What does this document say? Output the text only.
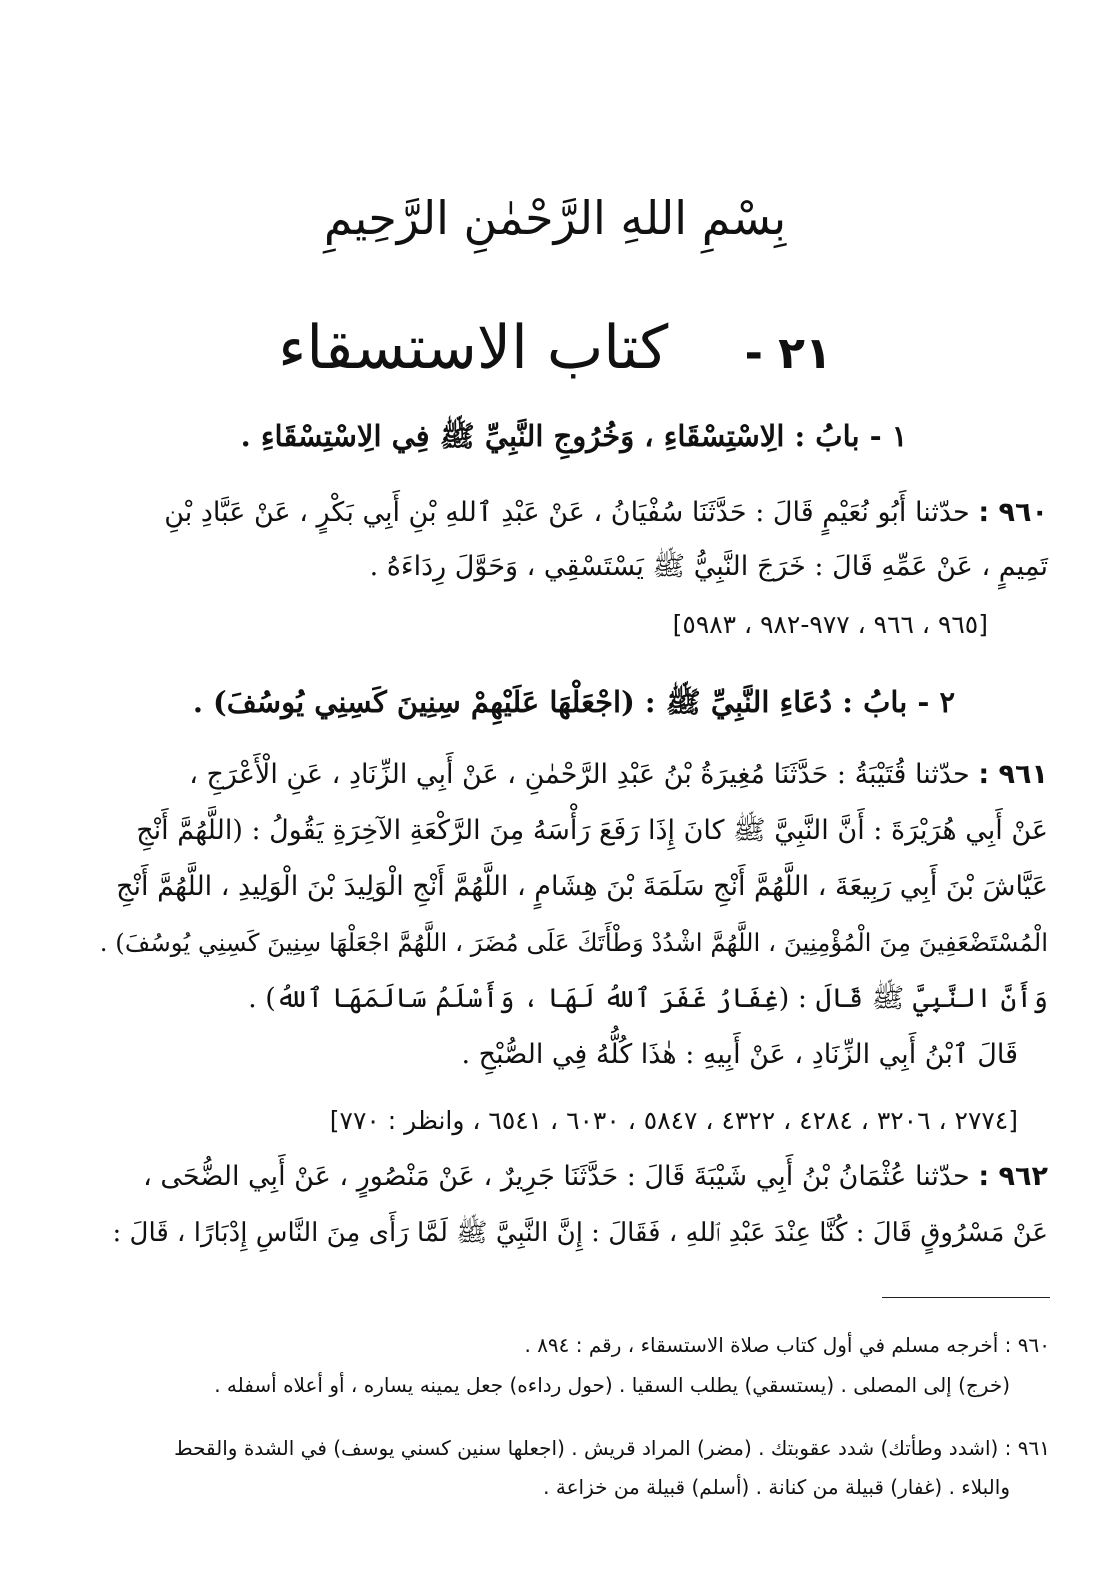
بِسْمِ اللهِ الرَّحْمٰنِ الرَّحِيمِ
٢١ -    كتاب الاستسقاء
١ - بابُ : الِاسْتِسْقَاءِ ، وَخُرُوجِ النَّبِيِّ ﷺ فِي الِاسْتِسْقَاءِ .
٩٦٠ : حدّثنا أَبُو نُعَيْمٍ قَالَ : حَدَّثَنَا سُفْيَانُ ، عَنْ عَبْدِ ٱللهِ بْنِ أَبِي بَكْرٍ ، عَنْ عَبَّادِ بْنِ
تَمِيمٍ ، عَنْ عَمِّهِ قَالَ : خَرَجَ النَّبِيُّ ﷺ يَسْتَسْقِي ، وَحَوَّلَ رِدَاءَهُ .
[٩٦٥ ، ٩٦٦ ، ٩٧٧-٩٨٢ ، ٥٩٨٣]
٢ - بابُ : دُعَاءِ النَّبِيِّ ﷺ : (اجْعَلْهَا عَلَيْهِمْ سِنِينَ كَسِنِي يُوسُفَ) .
٩٦١ : حدّثنا قُتَيْبَةُ : حَدَّثَنَا مُغِيرَةُ بْنُ عَبْدِ الرَّحْمٰنِ ، عَنْ أَبِي الزِّنَادِ ، عَنِ الْأَعْرَجِ ،
عَنْ أَبِي هُرَيْرَةَ : أَنَّ النَّبِيَّ ﷺ كانَ إِذَا رَفَعَ رَأْسَهُ مِنَ الرَّكْعَةِ الآخِرَةِ يَقُولُ : (اللَّهُمَّ أَنْجِ
عَيَّاشَ بْنَ أَبِي رَبِيعَةَ ، اللَّهُمَّ أَنْجِ سَلَمَةَ بْنَ هِشَامٍ ، اللَّهُمَّ أَنْجِ الْوَلِيدَ بْنَ الْوَلِيدِ ، اللَّهُمَّ أَنْجِ
الْمُسْتَضْعَفِينَ مِنَ الْمُؤْمِنِينَ ، اللَّهُمَّ اشْدُدْ وَطْأَتَكَ عَلَى مُضَرَ ، اللَّهُمَّ اجْعَلْهَا سِنِينَ كَسِنِي يُوسُفَ) .
وَأَنَّ النَّبِيَّ ﷺ قَالَ : (غِفَارُ غَفَرَ ٱللهُ لَهَا ، وَأَسْلَمُ سَالَمَهَا ٱللهُ) .
قَالَ ٱبْنُ أَبِي الزِّنَادِ ، عَنْ أَبِيهِ : هٰذَا كُلُّهُ فِي الصُّبْحِ .
[٢٧٧٤ ، ٣٢٠٦ ، ٤٢٨٤ ، ٤٣٢٢ ، ٥٨٤٧ ، ٦٠٣٠ ، ٦٥٤١ ، وانظر : ٧٧٠]
٩٦٢ : حدّثنا عُثْمَانُ بْنُ أَبِي شَيْبَةَ قَالَ : حَدَّثَنَا جَرِيرٌ ، عَنْ مَنْصُورٍ ، عَنْ أَبِي الضُّحَى ،
عَنْ مَسْرُوقٍ قَالَ : كُنَّا عِنْدَ عَبْدِ ٱللهِ ، فَقَالَ : إِنَّ النَّبِيَّ ﷺ لَمَّا رَأَى مِنَ النَّاسِ إِدْبَارًا ، قَالَ :
٩٦٠ : أخرجه مسلم في أول كتاب صلاة الاستسقاء ، رقم : ٨٩٤ .
(خرج) إلى المصلى . (يستسقي) يطلب السقيا . (حول رداءه) جعل يمينه يساره ، أو أعلاه أسفله .
٩٦١ : (اشدد وطأتك) شدد عقوبتك . (مضر) المراد قريش . (اجعلها سنين كسني يوسف) في الشدة والقحط
والبلاء . (غفار) قبيلة من كنانة . (أسلم) قبيلة من خزاعة .
